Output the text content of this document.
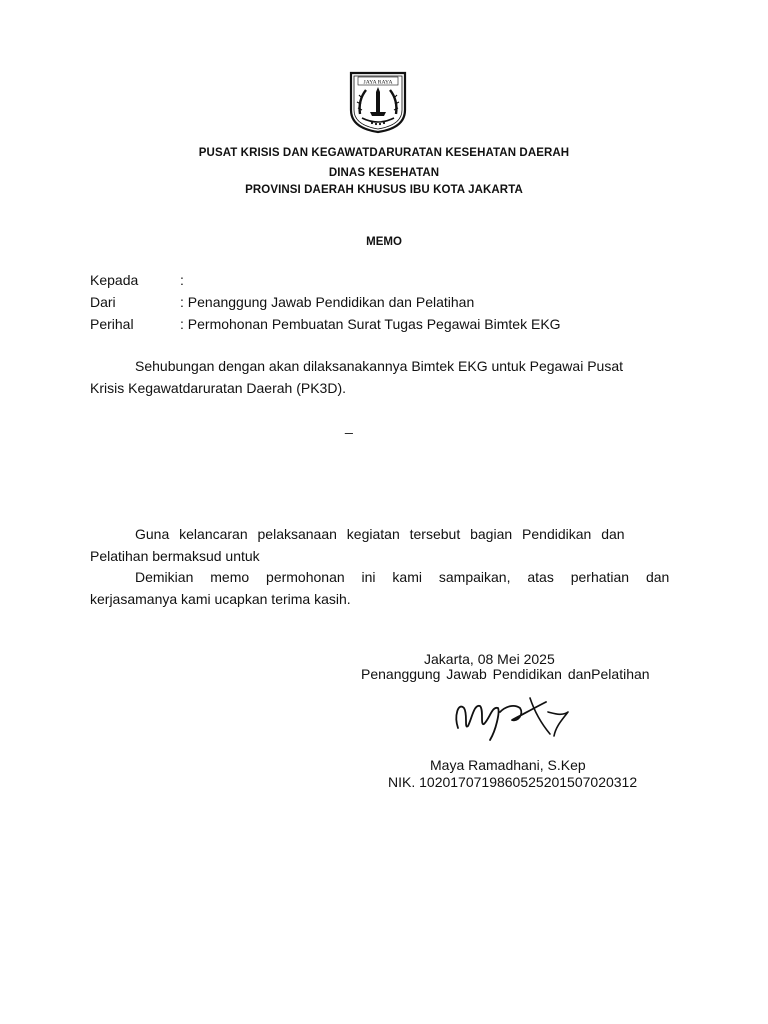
JAYA RAYA
PUSAT KRISIS DAN KEGAWATDARURATAN KESEHATAN DAERAH
DINAS KESEHATAN
PROVINSI DAERAH KHUSUS IBU KOTA JAKARTA
MEMO
Kepada	:
Dari	: Penanggung Jawab Pendidikan dan Pelatihan
Perihal	: Permohonan Pembuatan Surat Tugas Pegawai Bimtek EKG
Sehubungan dengan akan dilaksanakannya Bimtek EKG untuk Pegawai Pusat
Krisis Kegawatdaruratan Daerah (PK3D).
_
Guna kelancaran pelaksanaan kegiatan tersebut bagian Pendidikan dan
Pelatihan bermaksud untuk
Demikian memo permohonan ini kami sampaikan, atas perhatian dan
kerjasamanya kami ucapkan terima kasih.
Jakarta, 08 Mei 2025
Penanggung Jawab Pendidikan danPelatihan
Maya Ramadhani, S.Kep
NIK. 102017071986052520150702031​2
